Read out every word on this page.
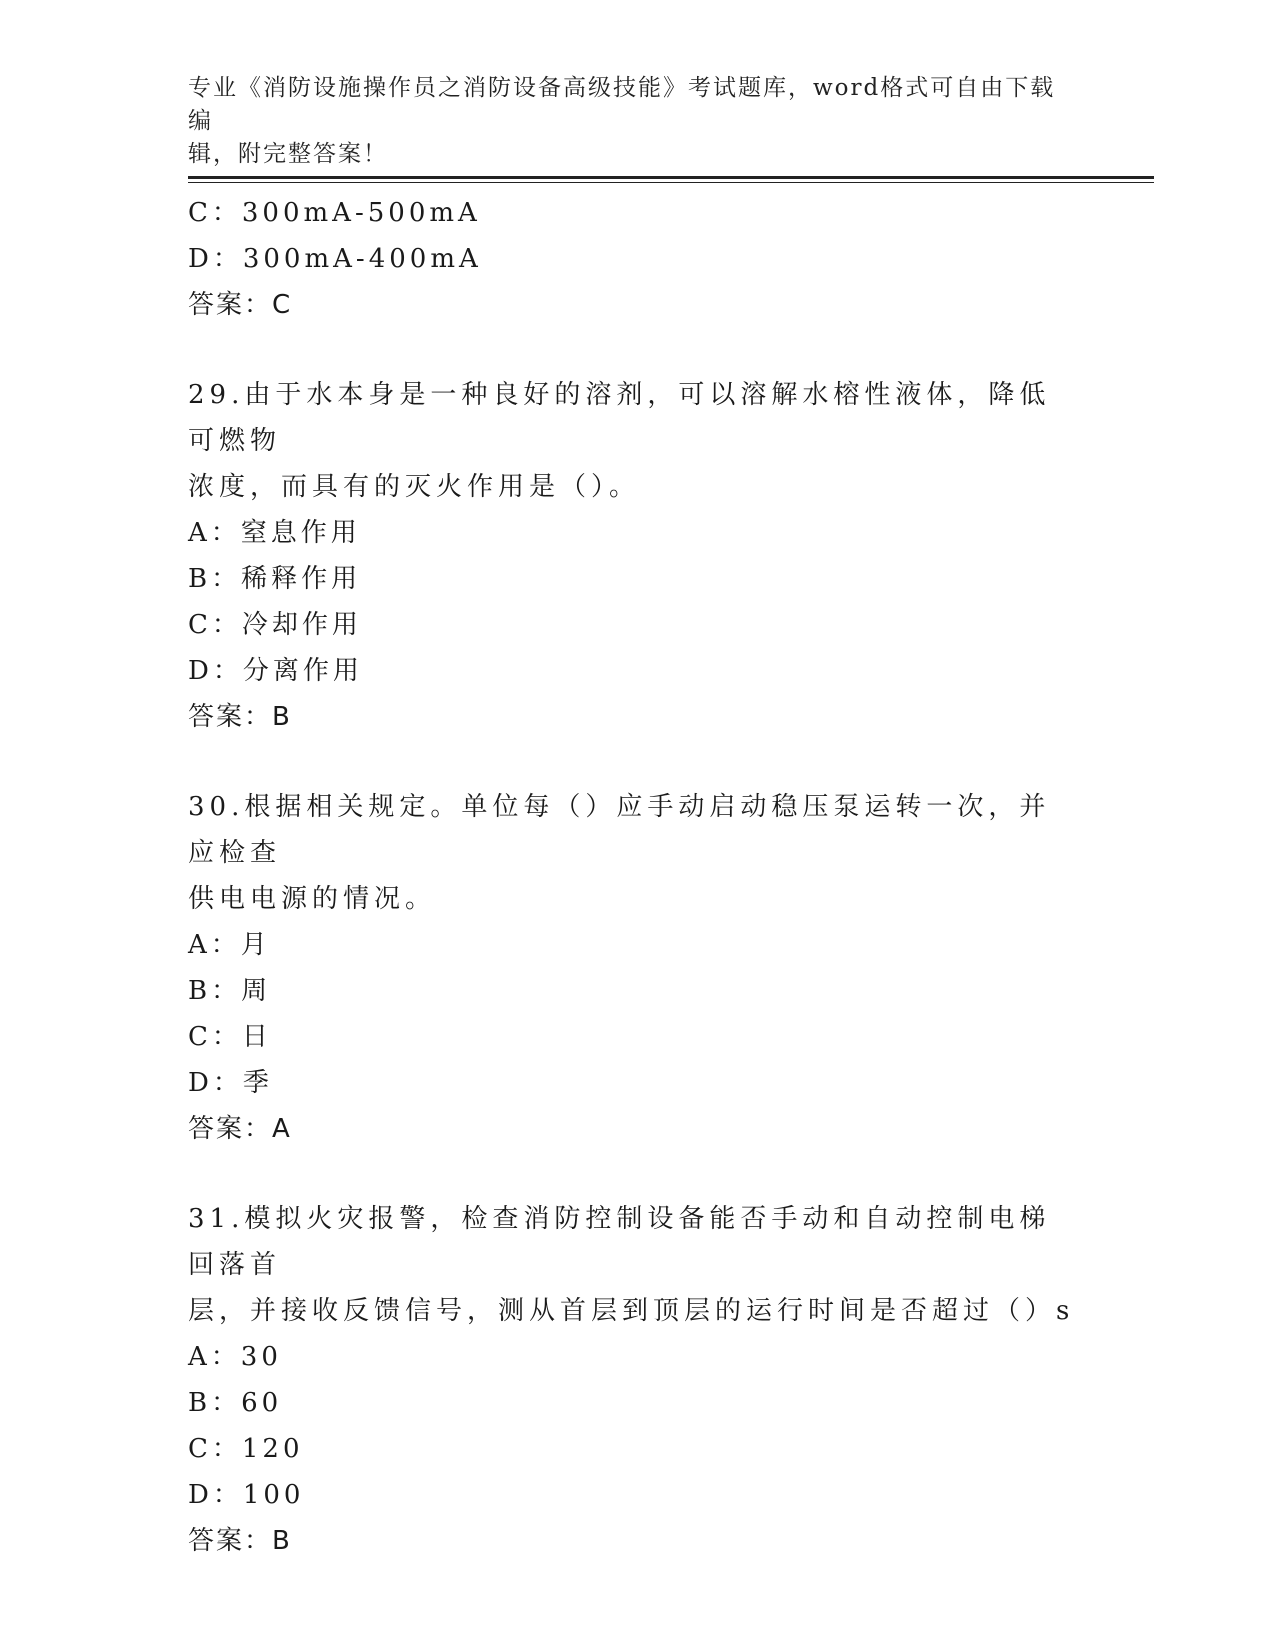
专业《消防设施操作员之消防设备高级技能》考试题库，word格式可自由下载编
辑，附完整答案！
C：300mA-500mA
D：300mA-400mA
答案：C
29.由于水本身是一种良好的溶剂，可以溶解水榕性液体，降低可燃物
浓度，而具有的灭火作用是（）。
A：窒息作用
B：稀释作用
C：冷却作用
D：分离作用
答案：B
30.根据相关规定。单位每（）应手动启动稳压泵运转一次，并应检查
供电电源的情况。
A：月
B：周
C：日
D：季
答案：A
31.模拟火灾报警，检查消防控制设备能否手动和自动控制电梯回落首
层，并接收反馈信号，测从首层到顶层的运行时间是否超过（）s
A：30
B：60
C：120
D：100
答案：B
